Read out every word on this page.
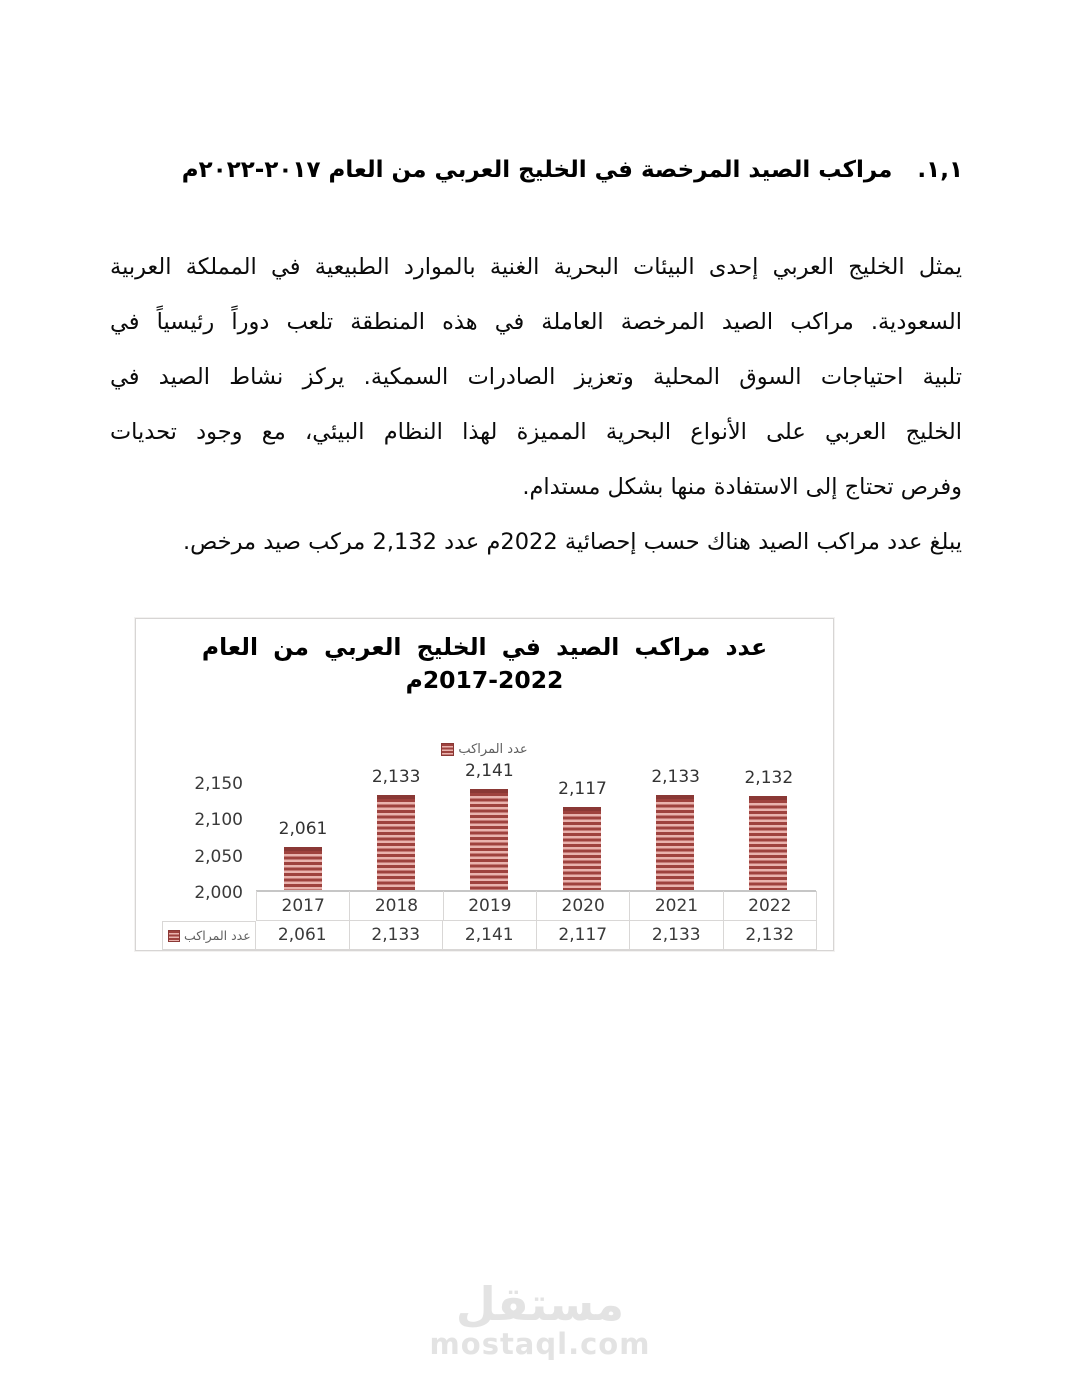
١,١.
مراكب الصيد المرخصة في الخليج العربي من العام ٢٠١٧-٢٠٢٢م
يمثل الخليج العربي إحدى البيئات البحرية الغنية بالموارد الطبيعية في المملكة العربية
السعودية. مراكب الصيد المرخصة العاملة في هذه المنطقة تلعب دوراً رئيسياً في
تلبية احتياجات السوق المحلية وتعزيز الصادرات السمكية. يركز نشاط الصيد في
الخليج العربي على الأنواع البحرية المميزة لهذا النظام البيئي، مع وجود تحديات
وفرص تحتاج إلى الاستفادة منها بشكل مستدام.
يبلغ عدد مراكب الصيد هناك حسب إحصائية 2022م عدد 2,132 مركب صيد مرخص.
عدد مراكب الصيد في الخليج العربي من العام
2017-2022م
عدد المراكب
2,150
2,100
2,050
2,000
2,061
2,133	2,141
2,117
2,133	2,132
2017	2018	2019	2020	2021	2022
عدد المراكب	2,061	2,133	2,141	2,117	2,133	2,132
مستقل
mostaql.com
